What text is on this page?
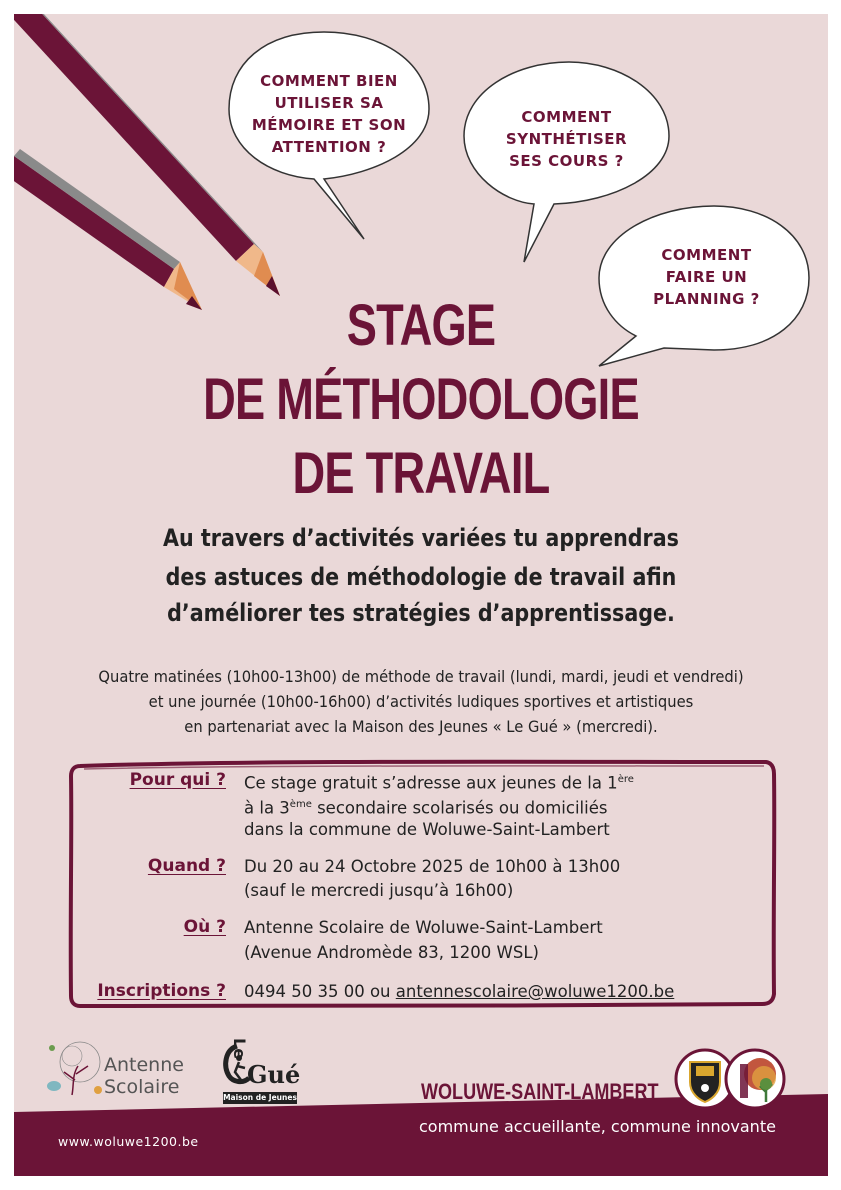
COMMENT BIEN
UTILISER SA
MÉMOIRE ET SON
ATTENTION ?
COMMENT
SYNTHÉTISER
SES COURS ?
COMMENT
FAIRE UN
PLANNING ?
STAGE
DE MÉTHODOLOGIE
DE TRAVAIL
Au travers d’activités variées tu apprendras
des astuces de méthodologie de travail afin
d’améliorer tes stratégies d’apprentissage.
Quatre matinées (10h00-13h00) de méthode de travail (lundi, mardi, jeudi et vendredi)
et une journée (10h00-16h00) d’activités ludiques sportives et artistiques
en partenariat avec la Maison des Jeunes « Le Gué » (mercredi).
Pour qui ? Ce stage gratuit s’adresse aux jeunes de la 1ère
à la 3ème secondaire scolarisés ou domiciliés
dans la commune de Woluwe-Saint-Lambert
Quand ? Du 20 au 24 Octobre 2025 de 10h00 à 13h00
(sauf le mercredi jusqu’à 16h00)
Où ? Antenne Scolaire de Woluwe-Saint-Lambert
(Avenue Andromède 83, 1200 WSL)
Inscriptions ? 0494 50 35 00 ou antennescolaire@woluwe1200.be
www.woluwe1200.be
commune accueillante, commune innovante
Antenne
Scolaire
Le
Gué
Maison de Jeunes	WOLUWE-SAINT-LAMBERT
